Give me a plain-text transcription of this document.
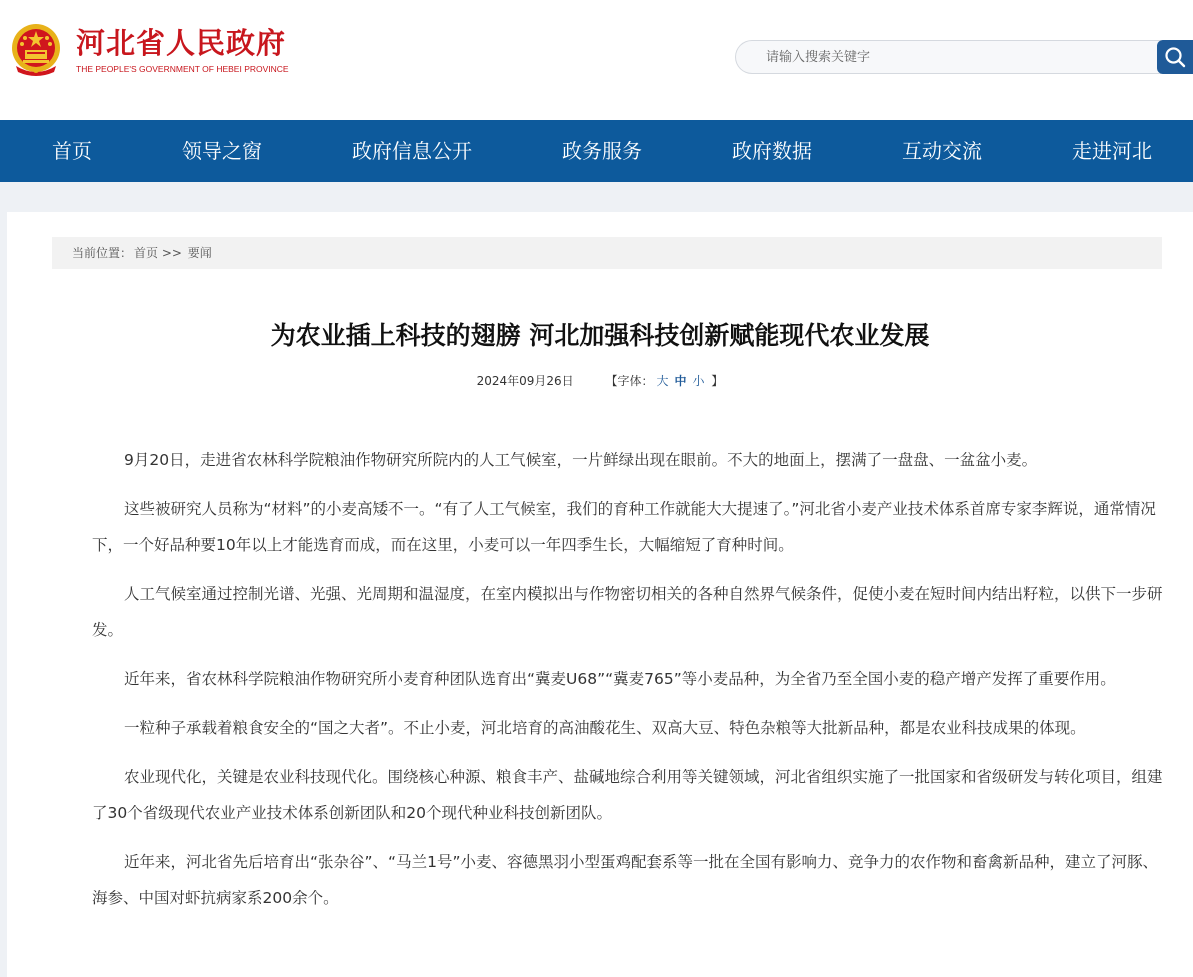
河北省人民政府
THE PEOPLE'S GOVERNMENT OF HEBEI PROVINCE
请输入搜索关键字
首页	领导之窗	政府信息公开	政务服务	政府数据	互动交流	走进河北
当前位置： 首页 >> 要闻
为农业插上科技的翅膀 河北加强科技创新赋能现代农业发展
2024年09月26日	【字体： 大 中 小 】

9月20日，走进省农林科学院粮油作物研究所院内的人工气候室，一片鲜绿出现在眼前。不大的地面上，摆满了一盘盘、一盆盆小麦。

这些被研究人员称为“材料”的小麦高矮不一。“有了人工气候室，我们的育种工作就能大大提速了。”河北省小麦产业技术体系首席专家李辉说，通常情况下，一个好品种要10年以上才能选育而成，而在这里，小麦可以一年四季生长，大幅缩短了育种时间。

人工气候室通过控制光谱、光强、光周期和温湿度，在室内模拟出与作物密切相关的各种自然界气候条件，促使小麦在短时间内结出籽粒，以供下一步研发。

近年来，省农林科学院粮油作物研究所小麦育种团队选育出“冀麦U68”“冀麦765”等小麦品种，为全省乃至全国小麦的稳产增产发挥了重要作用。

一粒种子承载着粮食安全的“国之大者”。不止小麦，河北培育的高油酸花生、双高大豆、特色杂粮等大批新品种，都是农业科技成果的体现。

农业现代化，关键是农业科技现代化。围绕核心种源、粮食丰产、盐碱地综合利用等关键领域，河北省组织实施了一批国家和省级研发与转化项目，组建了30个省级现代农业产业技术体系创新团队和20个现代种业科技创新团队。

近年来，河北省先后培育出“张杂谷”、“马兰1号”小麦、容德黑羽小型蛋鸡配套系等一批在全国有影响力、竞争力的农作物和畜禽新品种，建立了河豚、海参、中国对虾抗病家系200余个。
